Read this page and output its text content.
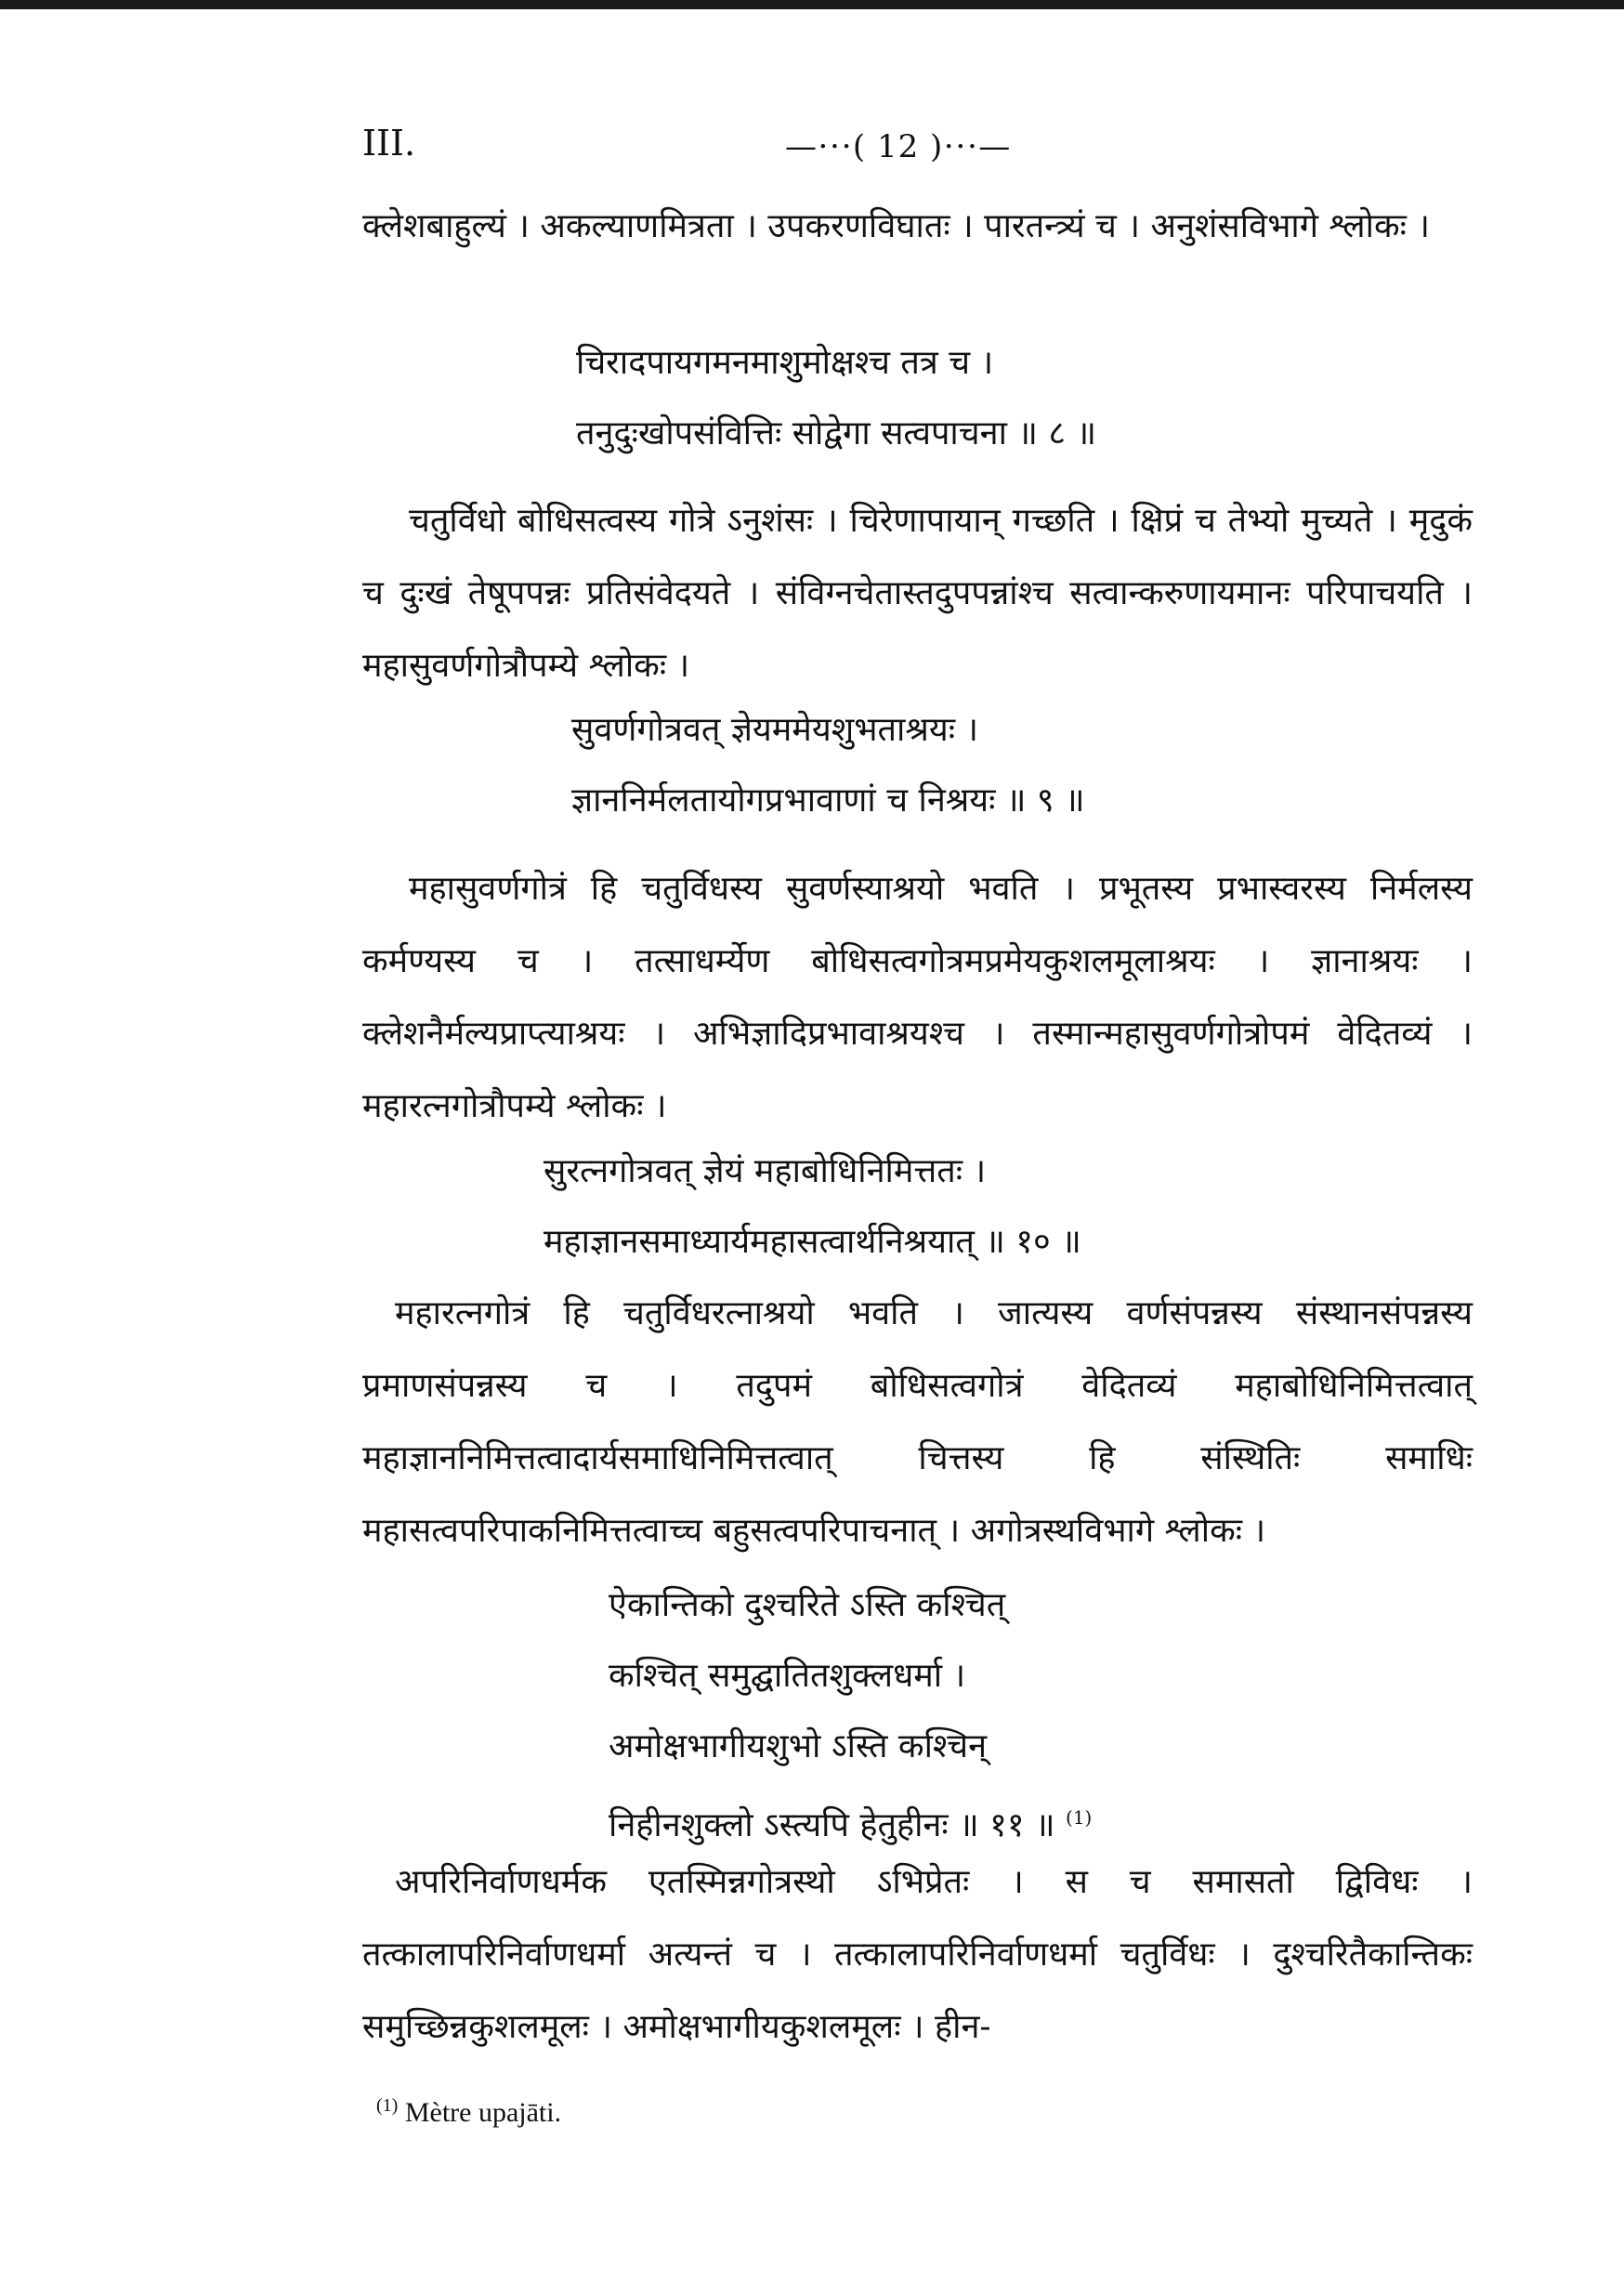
III.	—⋅⋅⋅( 12 )⋅⋅⋅—

क्लेशबाहुल्यं । अकल्याणमित्रता । उपकरणविघातः । पारतन्त्र्यं च । अनुशंसविभागे श्लोकः ।

चिरादपायगमनमाशुमोक्षश्च तत्र च ।
तनुदुःखोपसंवित्तिः सोद्वेगा सत्वपाचना ॥ ८ ॥

चतुर्विधो बोधिसत्वस्य गोत्रे ऽनुशंसः । चिरेणापायान् गच्छति । क्षिप्रं च तेभ्यो मुच्यते । मृदुकं च दुःखं तेषूपपन्नः प्रतिसंवेदयते । संविग्नचेतास्तदुपपन्नांश्च सत्वान्करुणायमानः परिपाचयति । महासुवर्णगोत्रौपम्ये श्लोकः ।

सुवर्णगोत्रवत् ज्ञेयममेयशुभताश्रयः ।
ज्ञाननिर्मलतायोगप्रभावाणां च निश्रयः ॥ ९ ॥

महासुवर्णगोत्रं हि चतुर्विधस्य सुवर्णस्याश्रयो भवति । प्रभूतस्य प्रभास्वरस्य निर्मलस्य कर्मण्यस्य च । तत्साधर्म्येण बोधिसत्वगोत्रमप्रमेयकुशलमूलाश्रयः । ज्ञानाश्रयः । क्लेशनैर्मल्यप्राप्त्याश्रयः । अभिज्ञादिप्रभावाश्रयश्च । तस्मान्महासुवर्णगोत्रोपमं वेदितव्यं । महारत्नगोत्रौपम्ये श्लोकः ।

सुरत्नगोत्रवत् ज्ञेयं महाबोधिनिमित्ततः ।
महाज्ञानसमाध्यार्यमहासत्वार्थनिश्रयात् ॥ १० ॥

महारत्नगोत्रं हि चतुर्विधरत्नाश्रयो भवति । जात्यस्य वर्णसंपन्नस्य संस्थानसंपन्नस्य प्रमाणसंपन्नस्य च । तदुपमं बोधिसत्वगोत्रं वेदितव्यं महाबोधिनिमित्तत्वात् महाज्ञाननिमित्तत्वादार्यसमाधिनिमित्तत्वात् चित्तस्य हि संस्थितिः समाधिः महासत्वपरिपाकनिमित्तत्वाच्च बहुसत्वपरिपाचनात् । अगोत्रस्थविभागे श्लोकः ।

ऐकान्तिको दुश्चरिते ऽस्ति कश्चित्
कश्चित् समुद्घातितशुक्लधर्मा ।
अमोक्षभागीयशुभो ऽस्ति कश्चिन्
निहीनशुक्लो ऽस्त्यपि हेतुहीनः ॥ ११ ॥ $^{(1)}$

अपरिनिर्वाणधर्मक एतस्मिन्नगोत्रस्थो ऽभिप्रेतः । स च समासतो द्विविधः । तत्कालापरिनिर्वाणधर्मा अत्यन्तं च । तत्कालापरिनिर्वाणधर्मा चतुर्विधः । दुश्चरितैकान्तिकः समुच्छिन्नकुशलमूलः । अमोक्षभागीयकुशलमूलः । हीन-

$^{(1)}$ Mètre upajāti.
